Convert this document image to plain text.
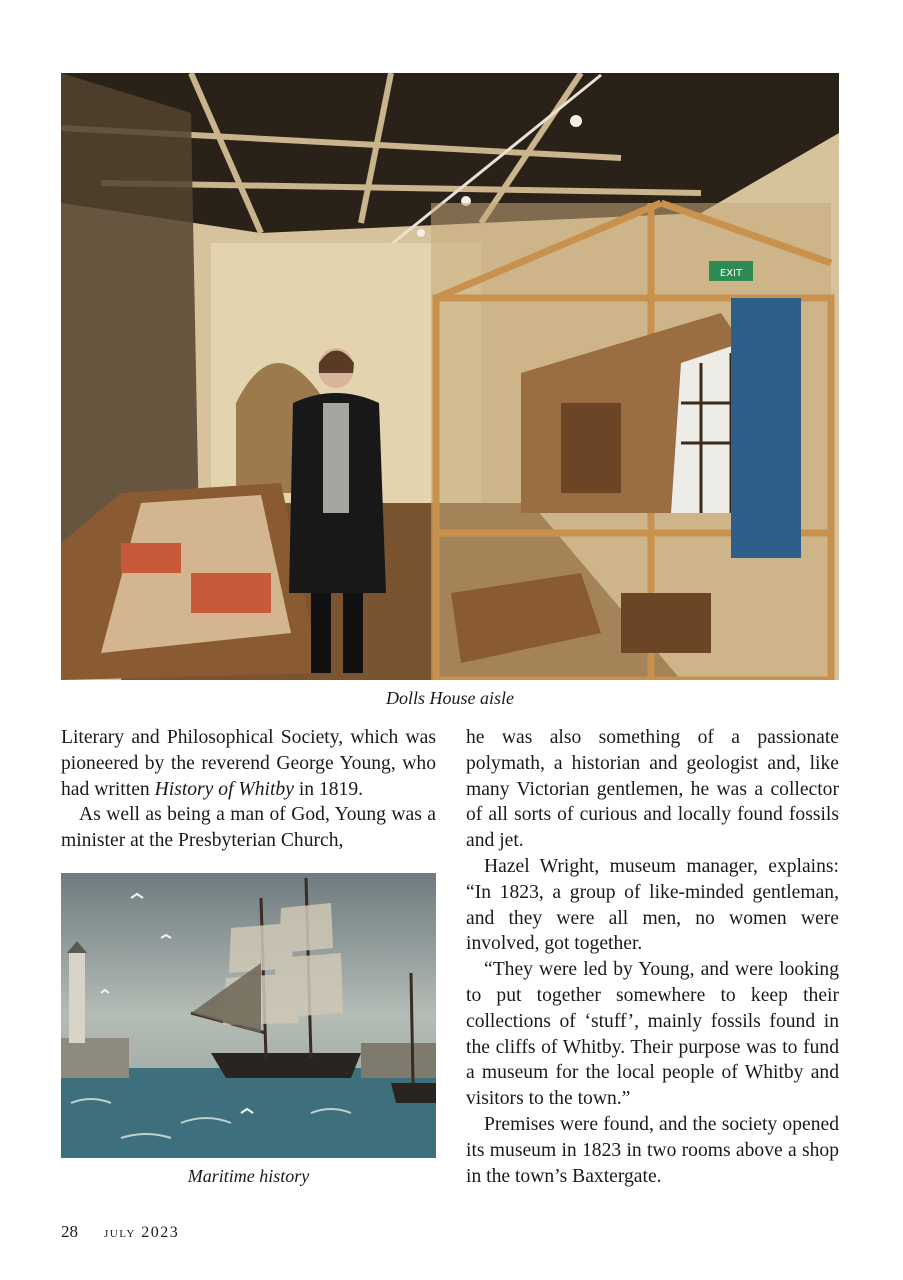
EXIT
Dolls House aisle

Literary and Philosophical Society, which was pioneered by the reverend George Young, who had written History of Whitby in 1819.

As well as being a man of God, Young was a minister at the Presbyterian Church,

Maritime history

he was also something of a passionate polymath, a historian and geologist and, like many Victorian gentlemen, he was a collector of all sorts of curious and locally found fossils and jet.

Hazel Wright, museum manager, explains: “In 1823, a group of like-minded gentleman, and they were all men, no women were involved, got together.

“They were led by Young, and were looking to put together somewhere to keep their collections of ‘stuff’, mainly fossils found in the cliffs of Whitby. Their purpose was to fund a museum for the local people of Whitby and visitors to the town.”

Premises were found, and the society opened its museum in 1823 in two rooms above a shop in the town’s Baxtergate.

28 july 2023
